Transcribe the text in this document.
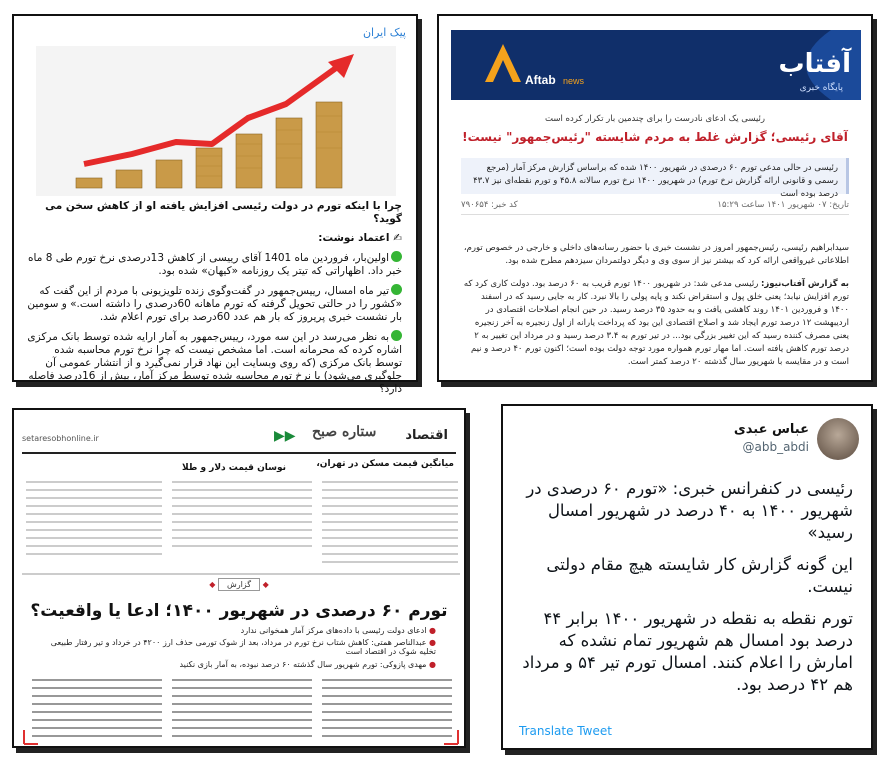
پیک ایران

چرا با اینکه تورم در دولت رئیسی افزایش یافته او از کاهش سخن می گوید؟

✍ اعتماد نوشت:

اولین‌بار، فروردین ماه 1401 آقای رییسی از کاهش 13درصدی نرخ تورم طی 8 ماه خبر داد. اظهاراتی که تیتر یک روزنامه «کیهان» شده بود.

تیر ماه امسال، رییس‌جمهور در گفت‌وگوی زنده تلویزیونی با مردم از این گفت که «کشور را در حالتی تحویل گرفته که تورم ماهانه 60درصدی را داشته است.» و سومین بار نشست خبری پریروز که بار هم عدد 60درصد برای تورم اعلام شد.

به نظر می‌رسد در این سه مورد، رییس‌جمهور به آمار ارایه شده توسط بانک مرکزی اشاره کرده که محرمانه است. اما مشخص نیست که چرا نرخ تورم محاسبه شده توسط بانک مرکزی (که روی وبسایت این نهاد قرار نمی‌گیرد و از انتشار عمومی آن جلوگیری می‌شود) با نرخ تورم محاسبه شده توسط مرکز آمار، بیش از 16درصد فاصله دارد؟

Aftab news
آفتاب
پایگاه خبری
رئیسی یک ادعای نادرست را برای چندمین بار تکرار کرده است
آقای رئیسی؛ گزارش غلط به مردم شایسته "رئیس‌جمهور" نیست!
رئیسی در حالی مدعی تورم ۶۰ درصدی در شهریور ۱۴۰۰ شده که براساس گزارش مرکز آمار (مرجع رسمی و قانونی ارائه گزارش نرخ تورم) در شهریور ۱۴۰۰ نرخ تورم سالانه ۴۵.۸ و تورم نقطه‌ای نیز ۴۳.۷ درصد بوده است
تاریخ: ۰۷ شهریور ۱۴۰۱ ساعت ۱۵:۲۹
کد خبر: ۷۹۰۶۵۴

سیدابراهیم رئیسی، رئیس‌جمهور امروز در نشست خبری با حضور رسانه‌های داخلی و خارجی در خصوص تورم، اطلاعاتی غیرواقعی ارائه کرد که بیشتر نیز از سوی وی و دیگر دولتمردان سیزدهم مطرح شده بود.

به گزارش آفتاب‌نیوز: رئیسی مدعی شد: در شهریور ۱۴۰۰ تورم قریب به ۶۰ درصد بود. دولت کاری کرد که تورم افزایش نیابد؛ یعنی خلق پول و استقراض نکند و پایه پولی را بالا نبرد. کار به جایی رسید که در اسفند ۱۴۰۰ و فروردین ۱۴۰۱ روند کاهشی یافت و به حدود ۳۵ درصد رسید. در حین انجام اصلاحات اقتصادی در اردیبهشت ۱۲ درصد تورم ایجاد شد و اصلاح اقتصادی این بود که پرداخت یارانه از اول زنجیره به آخر زنجیره یعنی مصرف کننده رسید که این تغییر بزرگی بود... در تیر تورم به ۳.۴ درصد رسید و در مرداد این تغییر به ۲ درصد تورم کاهش یافته است. اما مهار تورم همواره مورد توجه دولت بوده است؛ اکنون تورم ۴۰ درصد و نیم است و در مقایسه با شهریور سال گذشته ۲۰ درصد کمتر است.

setaresobhonline.ir	ستاره صبح
▶▶	اقتصاد
میانگین قیمت مسکن در تهران،
نوسان قیمت دلار و طلا
◆ گزارش ◆
تورم ۶۰ درصدی در شهریور ۱۴۰۰؛ ادعا یا واقعیت؟
● ادعای دولت رئیسی با داده‌های مرکز آمار همخوانی ندارد
● عبدالناصر همتی: کاهش شتاب نرخ تورم در مرداد، بعد از شوک تورمی حذف ارز ۴۲۰۰ در خرداد و تیر رفتار طبیعی تخلیه شوک در اقتصاد است
● مهدی پازوکی: تورم شهریور سال گذشته ۶۰ درصد نبوده، به آمار بازی نکنید
عباس عبدی
@abb_abdi

رئیسی در کنفرانس خبری: «تورم ۶۰ درصدی در شهریور ۱۴۰۰ به ۴۰ درصد در شهریور امسال رسید»

این گونه گزارش کار شایسته هیچ مقام دولتی نیست.

تورم نقطه به نقطه در شهریور ۱۴۰۰ برابر ۴۴ درصد بود امسال هم شهریور تمام نشده که امارش را اعلام کنند. امسال تورم تیر ۵۴ و مرداد هم ۴۲ درصد بود.

Translate Tweet
